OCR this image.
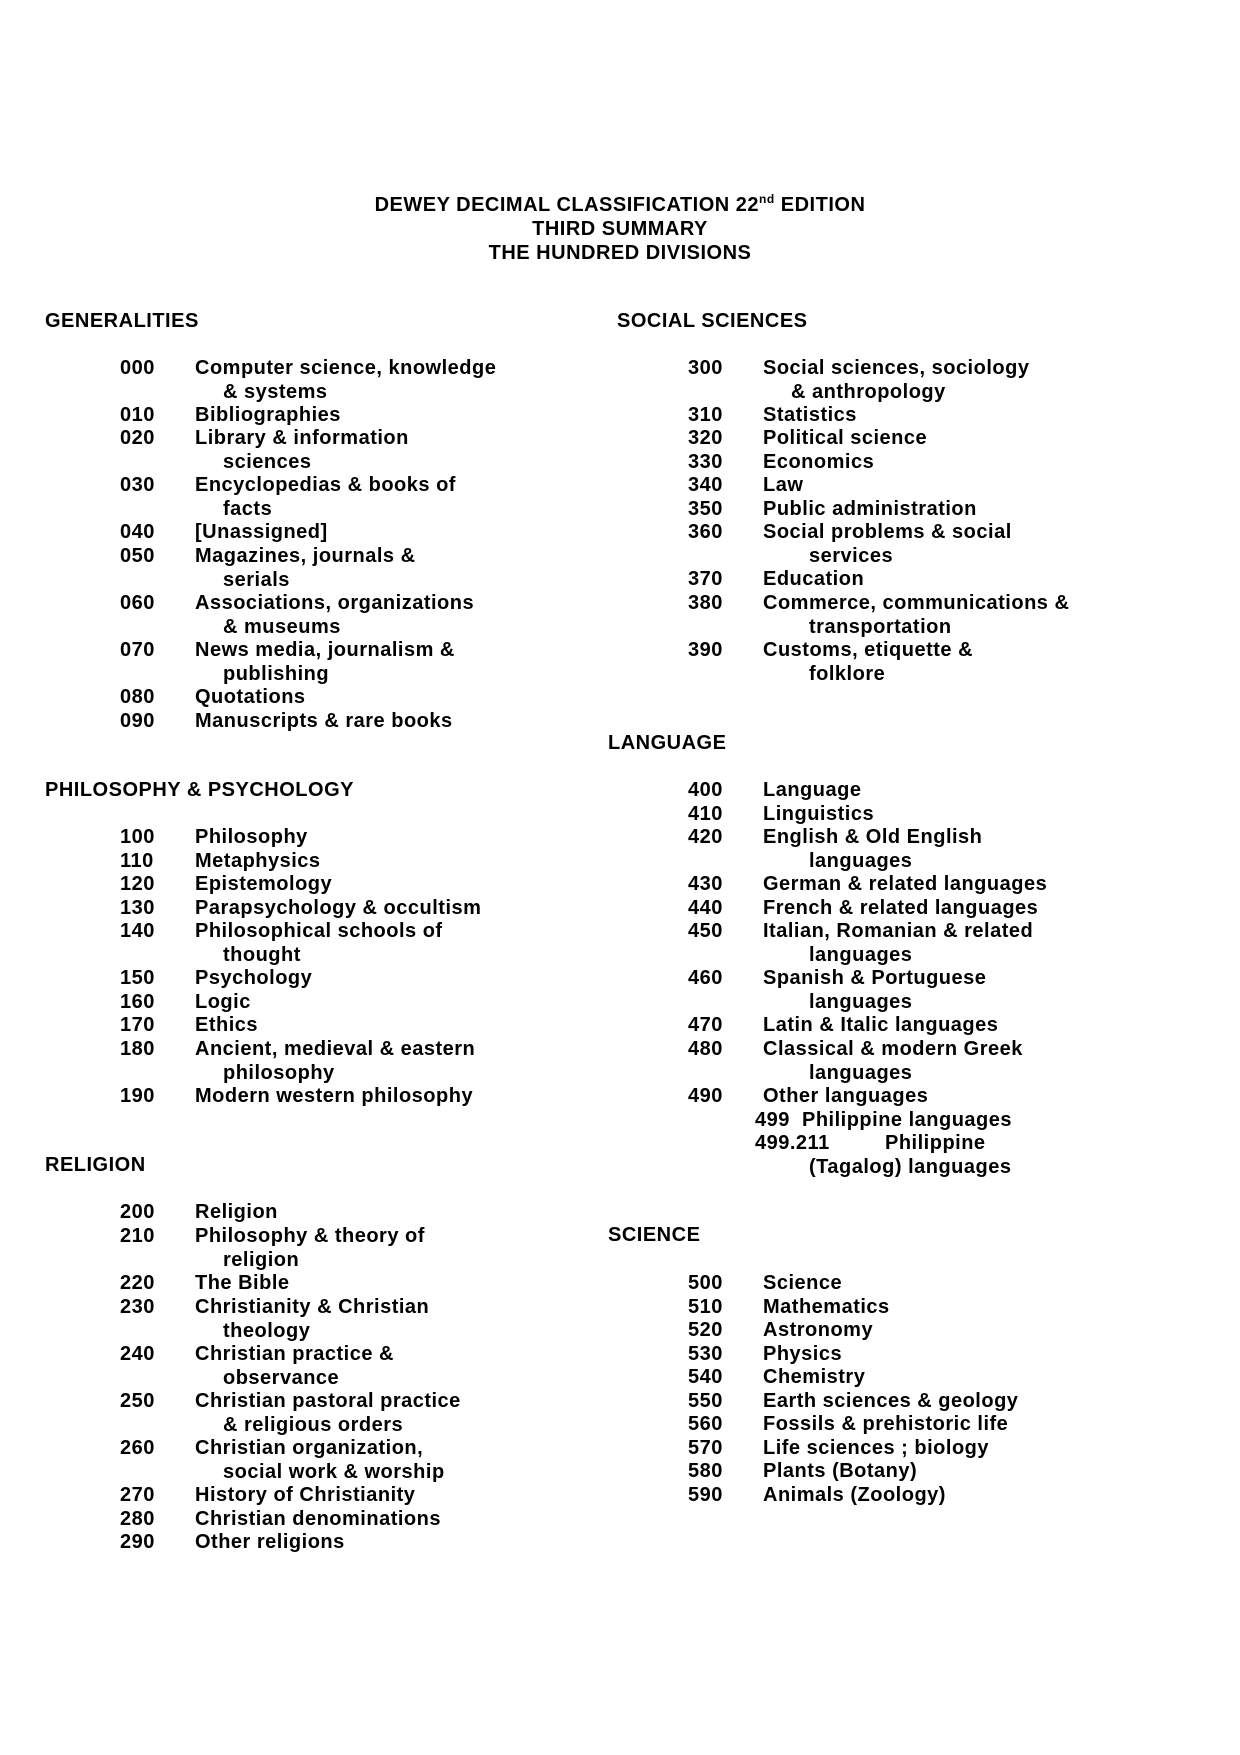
DEWEY DECIMAL CLASSIFICATION 22nd EDITION
THIRD SUMMARY
THE HUNDRED DIVISIONS
GENERALITIES	SOCIAL SCIENCES
PHILOSOPHY & PSYCHOLOGY
LANGUAGE
RELIGION
SCIENCE
000 Computer science, knowledge
& systems
010 Bibliographies
020 Library & information
sciences
030 Encyclopedias & books of
facts
040 [Unassigned]
050 Magazines, journals &
serials
060 Associations, organizations
& museums
070 News media, journalism &
publishing
080 Quotations
090 Manuscripts & rare books
100 Philosophy
110 Metaphysics
120 Epistemology
130 Parapsychology & occultism
140 Philosophical schools of
thought
150 Psychology
160 Logic
170 Ethics
180 Ancient, medieval & eastern
philosophy
190 Modern western philosophy
200 Religion
210 Philosophy & theory of
religion
220 The Bible
230 Christianity & Christian
theology
240 Christian practice &
observance
250 Christian pastoral practice
& religious orders
260 Christian organization,
social work & worship
270 History of Christianity
280 Christian denominations
290 Other religions
300 Social sciences, sociology
& anthropology
310 Statistics
320 Political science
330 Economics
340 Law
350 Public administration
360 Social problems & social
services
370 Education
380 Commerce, communications &
transportation
390 Customs, etiquette &
folklore
400 Language
410 Linguistics
420 English & Old English
languages
430 German & related languages
440 French & related languages
450 Italian, Romanian & related
languages
460 Spanish & Portuguese
languages
470 Latin & Italic languages
480 Classical & modern Greek
languages
490 Other languages
499  Philippine languages
499.211	Philippine
(Tagalog) languages
500 Science
510 Mathematics
520 Astronomy
530 Physics
540 Chemistry
550 Earth sciences & geology
560 Fossils & prehistoric life
570 Life sciences ; biology
580 Plants (Botany)
590 Animals (Zoology)
